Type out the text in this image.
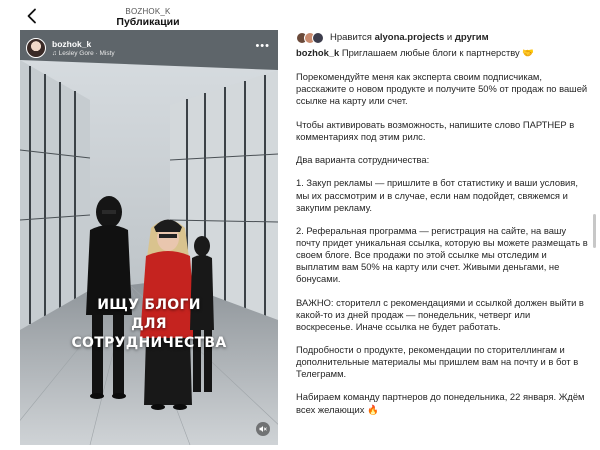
BOZHOK_K
Публикации
bozhok_k
♫ Lesley Gore · Misty
•••
ИЩУ БЛОГИ
ДЛЯ СОТРУДНИЧЕСТВА
Нравится alyona.projects и другим

bozhok_k Приглашаем любые блоги к партнерству 🤝

Порекомендуйте меня как эксперта своим подписчикам, расскажите о новом продукте и получите 50% от продаж по вашей ссылке на карту или счет.

Чтобы активировать возможность, напишите слово ПАРТНЕР в комментариях под этим рилс.

Два варианта сотрудничества:

1. Закуп рекламы — пришлите в бот статистику и ваши условия, мы их рассмотрим и в случае, если нам подойдет, свяжемся и закупим рекламу.

2. Реферальная программа — регистрация на сайте, на вашу почту придет уникальная ссылка, которую вы можете размещать в своем блоге. Все продажи по этой ссылке мы отследим и выплатим вам 50% на карту или счет. Живыми деньгами, не бонусами.

ВАЖНО: сторителл с рекомендациями и ссылкой должен выйти в какой-то из дней продаж — понедельник, четверг или воскресенье. Иначе ссылка не будет работать.

Подробности о продукте, рекомендации по сторителлингам и дополнительные материалы мы пришлем вам на почту и в бот в Телеграмм.

Набираем команду партнеров до понедельника, 22 января. Ждём всех желающих 🔥
